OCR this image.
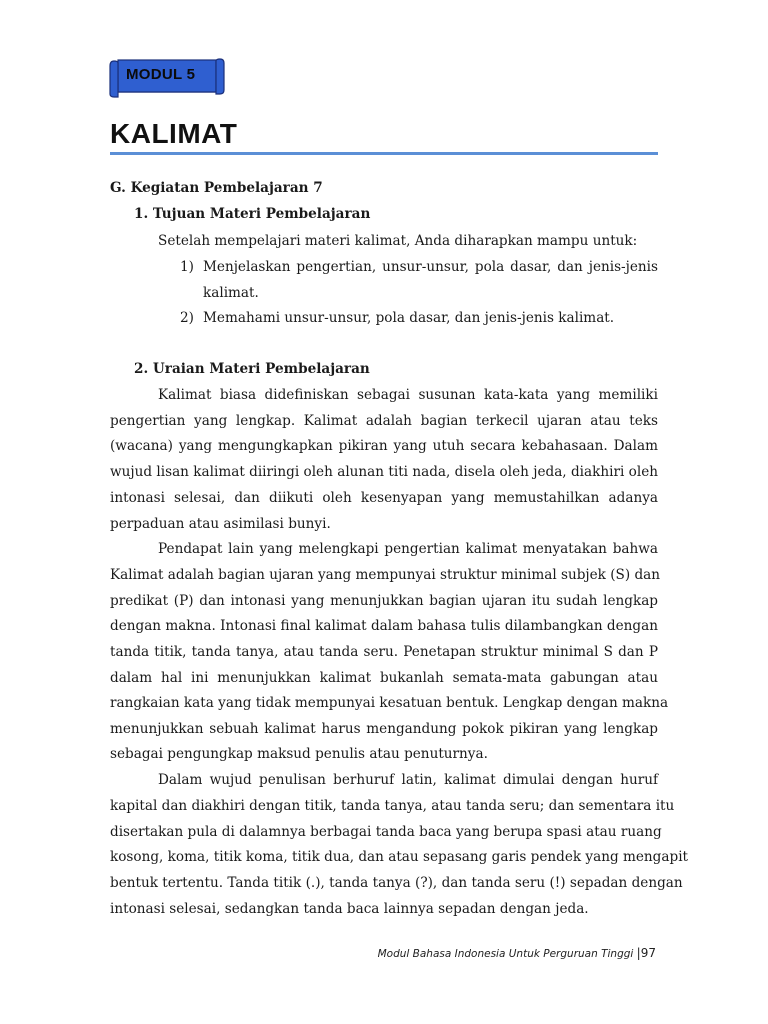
MODUL 5
KALIMAT
G. Kegiatan Pembelajaran 7
1. Tujuan Materi Pembelajaran
Setelah mempelajari materi kalimat, Anda diharapkan mampu untuk:
1) Menjelaskan pengertian, unsur-unsur, pola dasar, dan jenis-jenis
kalimat.
2) Memahami unsur-unsur, pola dasar, dan jenis-jenis kalimat.
2. Uraian Materi Pembelajaran
Kalimat biasa didefiniskan sebagai susunan kata-kata yang memiliki
pengertian yang lengkap. Kalimat adalah bagian terkecil ujaran atau teks
(wacana) yang mengungkapkan pikiran yang utuh secara kebahasaan. Dalam
wujud lisan kalimat diiringi oleh alunan titi nada, disela oleh jeda, diakhiri oleh
intonasi selesai, dan diikuti oleh kesenyapan yang memustahilkan adanya
perpaduan atau asimilasi bunyi.
Pendapat lain yang melengkapi pengertian kalimat menyatakan bahwa
Kalimat adalah bagian ujaran yang mempunyai struktur minimal subjek (S) dan
predikat (P) dan intonasi yang menunjukkan bagian ujaran itu sudah lengkap
dengan makna. Intonasi final kalimat dalam bahasa tulis dilambangkan dengan
tanda titik, tanda tanya, atau tanda seru. Penetapan struktur minimal S dan P
dalam hal ini menunjukkan kalimat bukanlah semata-mata gabungan atau
rangkaian kata yang tidak mempunyai kesatuan bentuk. Lengkap dengan makna
menunjukkan sebuah kalimat harus mengandung pokok pikiran yang lengkap
sebagai pengungkap maksud penulis atau penuturnya.
Dalam wujud penulisan berhuruf latin, kalimat dimulai dengan huruf
kapital dan diakhiri dengan titik, tanda tanya, atau tanda seru; dan sementara itu
disertakan pula di dalamnya berbagai tanda baca yang berupa spasi atau ruang
kosong, koma, titik koma, titik dua, dan atau sepasang garis pendek yang mengapit
bentuk tertentu. Tanda titik (.), tanda tanya (?), dan tanda seru (!) sepadan dengan
intonasi selesai, sedangkan tanda baca lainnya sepadan dengan jeda.
Modul Bahasa Indonesia Untuk Perguruan Tinggi |97
